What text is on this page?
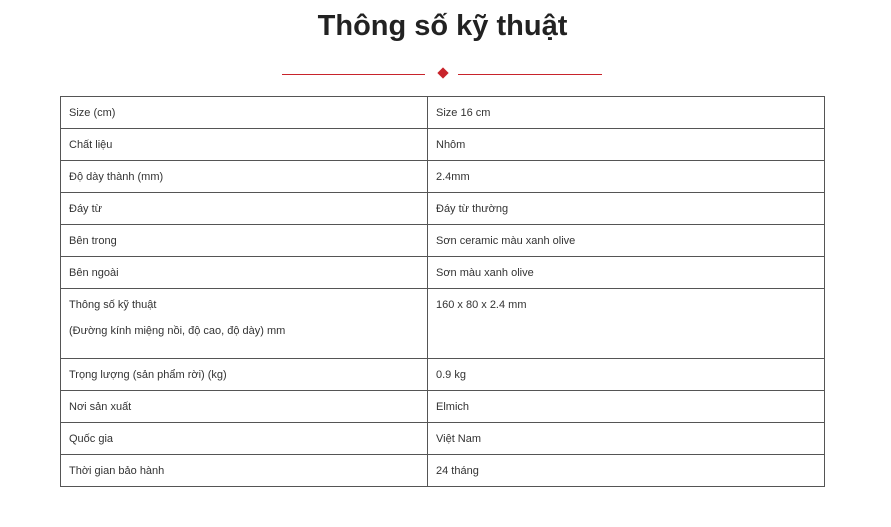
Thông số kỹ thuật
Size (cm)	Size 16 cm
Chất liệu	Nhôm
Độ dày thành (mm)	2.4mm
Đáy từ	Đáy từ thường
Bên trong	Sơn ceramic màu xanh olive
Bên ngoài	Sơn màu xanh olive
Thông số kỹ thuật
(Đường kính miệng nồi, độ cao, độ dày) mm	160 x 80 x 2.4 mm
Trọng lượng (sản phẩm rời) (kg)	0.9 kg
Nơi sản xuất	Elmich
Quốc gia	Việt Nam
Thời gian bảo hành	24 tháng
